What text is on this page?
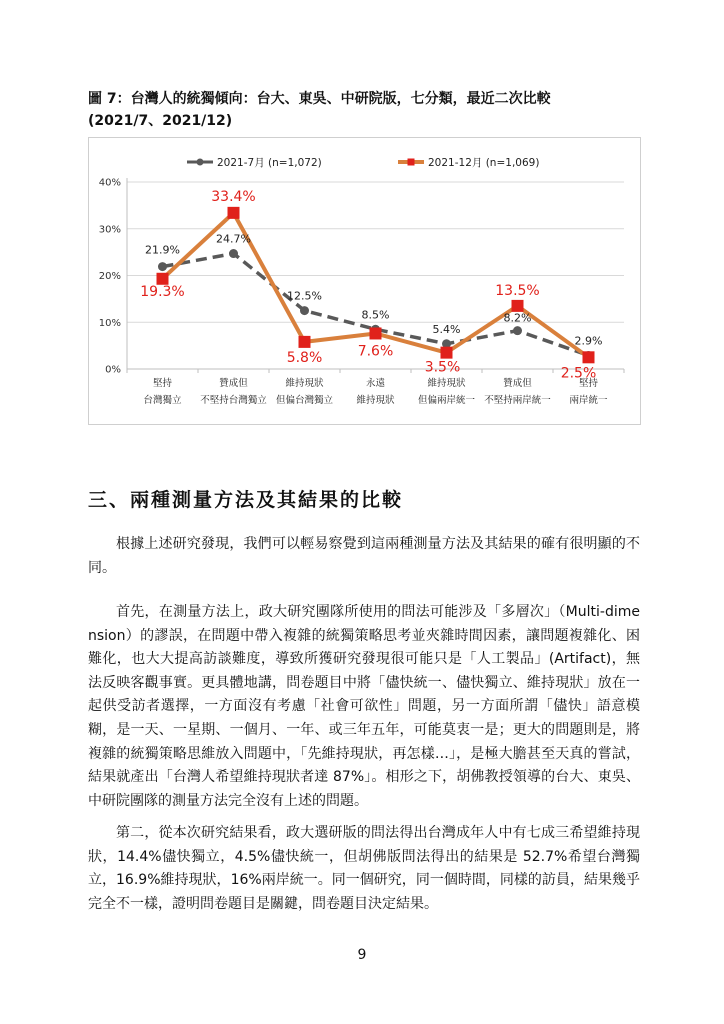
圖 7：台灣人的統獨傾向：台大、東吳、中研院版，七分類，最近二次比較
(2021/7、2021/12)

0%
10%
20%
30%
40%
堅持
台灣獨立
贊成但
不堅持台灣獨立
維持現狀
但偏台灣獨立
永遠
維持現狀
維持現狀
但偏兩岸統一
贊成但
不堅持兩岸統一
堅持
兩岸統一
2021-7月 (n=1,072)	2021-12月 (n=1,069)
21.9%
24.7%
12.5%
8.5%
5.4%
8.2%
2.9%
19.3%
33.4%
5.8%	7.6%
3.5%
13.5%
2.5%
三、兩種測量方法及其結果的比較

根據上述研究發現，我們可以輕易察覺到這兩種測量方法及其結果的確有很明顯的不同。

首先，在測量方法上，政大研究團隊所使用的問法可能涉及「多層次」（Multi-dimension）的謬誤，在問題中帶入複雜的統獨策略思考並夾雜時間因素，讓問題複雜化、困難化，也大大提高訪談難度，導致所獲研究發現很可能只是「人工製品」(Artifact)，無法反映客觀事實。更具體地講，問卷題目中將「儘快統一、儘快獨立、維持現狀」放在一起供受訪者選擇，一方面沒有考慮「社會可欲性」問題，另一方面所謂「儘快」語意模糊，是一天、一星期、一個月、一年、或三年五年，可能莫衷一是；更大的問題則是，將複雜的統獨策略思維放入問題中，「先維持現狀，再怎樣…」，是極大膽甚至天真的嘗試，結果就產出「台灣人希望維持現狀者達 87%」。相形之下，胡佛教授領導的台大、東吳、中研院團隊的測量方法完全沒有上述的問題。

第二，從本次研究結果看，政大選研版的問法得出台灣成年人中有七成三希望維持現狀，14.4%儘快獨立，4.5%儘快統一，但胡佛版問法得出的結果是 52.7%希望台灣獨立，16.9%維持現狀，16%兩岸統一。同一個研究，同一個時間，同樣的訪員，結果幾乎完全不一樣，證明問卷題目是關鍵，問卷題目決定結果。

9
